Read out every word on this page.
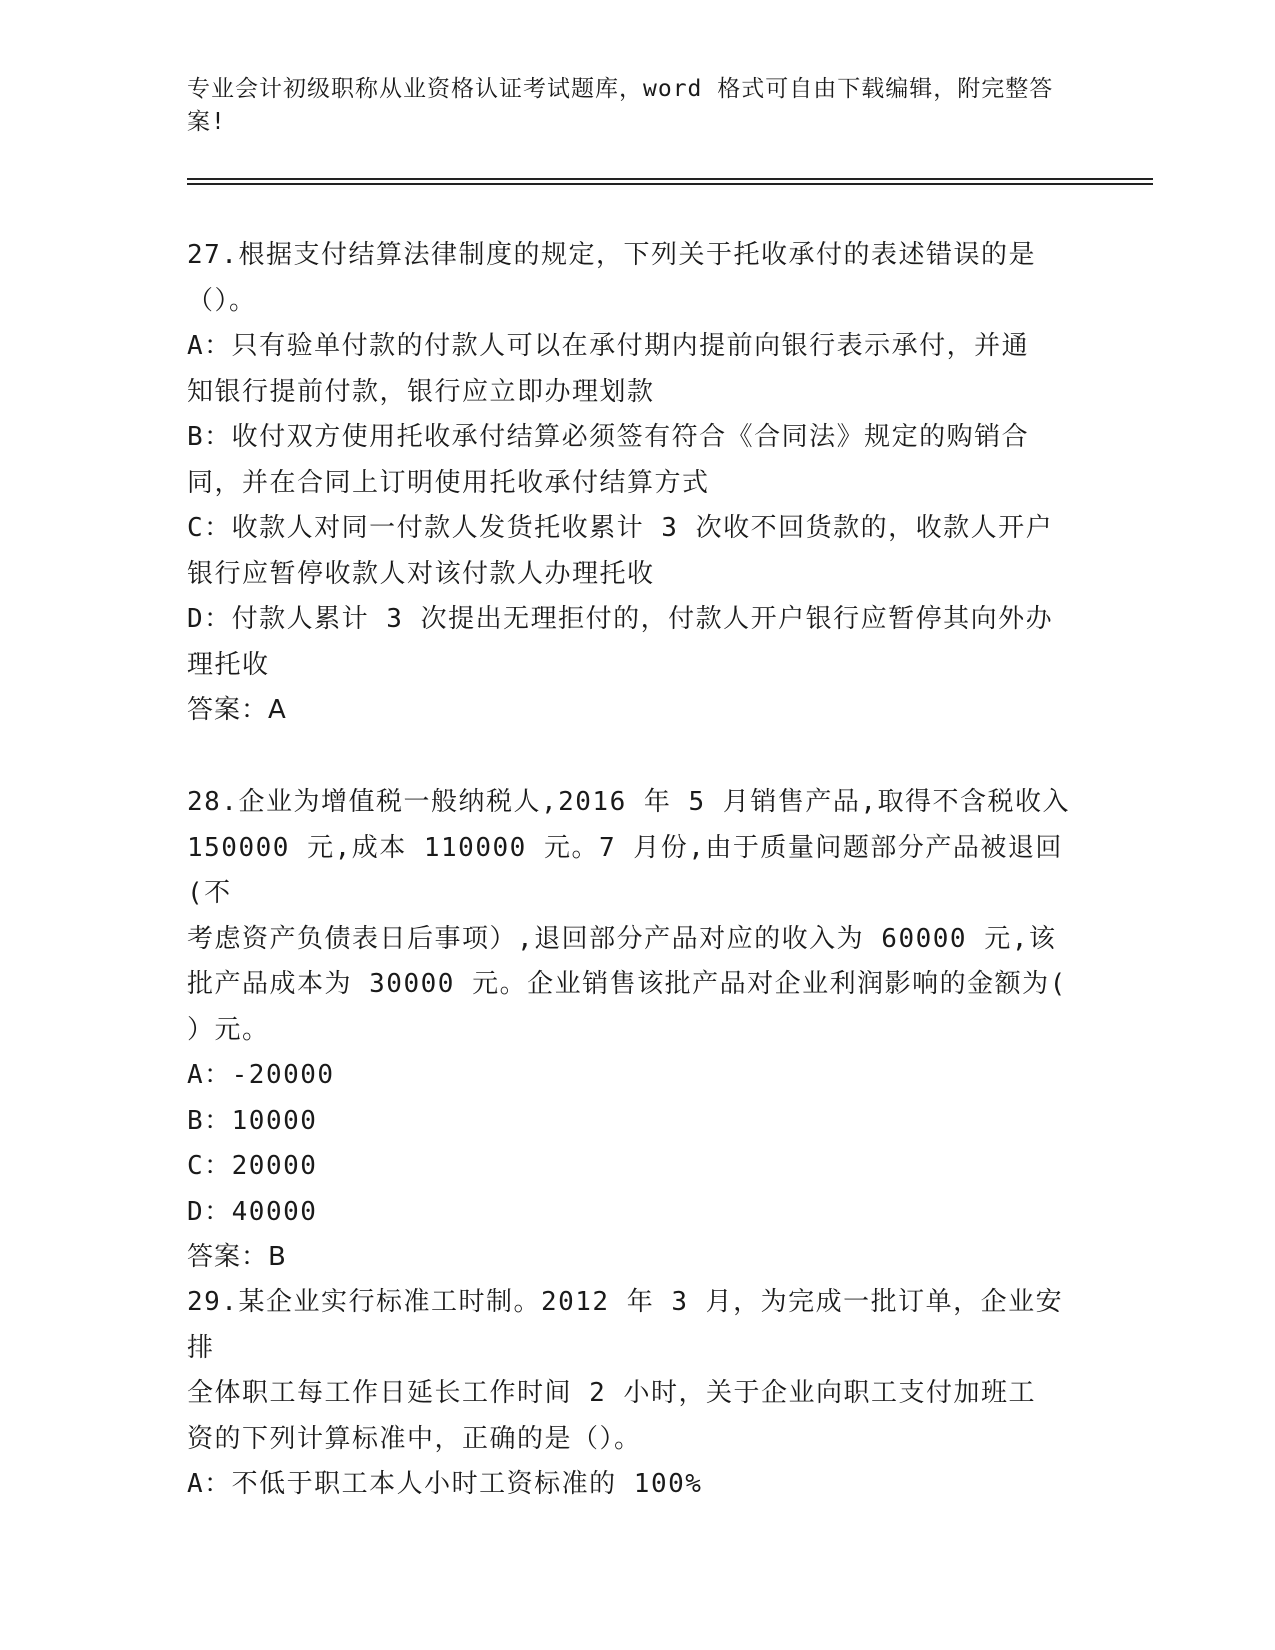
专业会计初级职称从业资格认证考试题库，word 格式可自由下载编辑，附完整答案!
27.根据支付结算法律制度的规定，下列关于托收承付的表述错误的是
（）。
A：只有验单付款的付款人可以在承付期内提前向银行表示承付，并通
知银行提前付款，银行应立即办理划款
B：收付双方使用托收承付结算必须签有符合《合同法》规定的购销合
同，并在合同上订明使用托收承付结算方式
C：收款人对同一付款人发货托收累计 3 次收不回货款的，收款人开户
银行应暂停收款人对该付款人办理托收
D：付款人累计 3 次提出无理拒付的，付款人开户银行应暂停其向外办
理托收
答案：A
28.企业为增值税一般纳税人,2016 年 5 月销售产品,取得不含税收入
150000 元,成本 110000 元。7 月份,由于质量问题部分产品被退回(不
考虑资产负债表日后事项）,退回部分产品对应的收入为 60000 元,该
批产品成本为 30000 元。企业销售该批产品对企业利润影响的金额为(
）元。
A：-20000
B：10000
C：20000
D：40000
答案：B
29.某企业实行标准工时制。2012 年 3 月，为完成一批订单，企业安排
全体职工每工作日延长工作时间 2 小时，关于企业向职工支付加班工
资的下列计算标准中，正确的是（）。
A：不低于职工本人小时工资标准的 100%
